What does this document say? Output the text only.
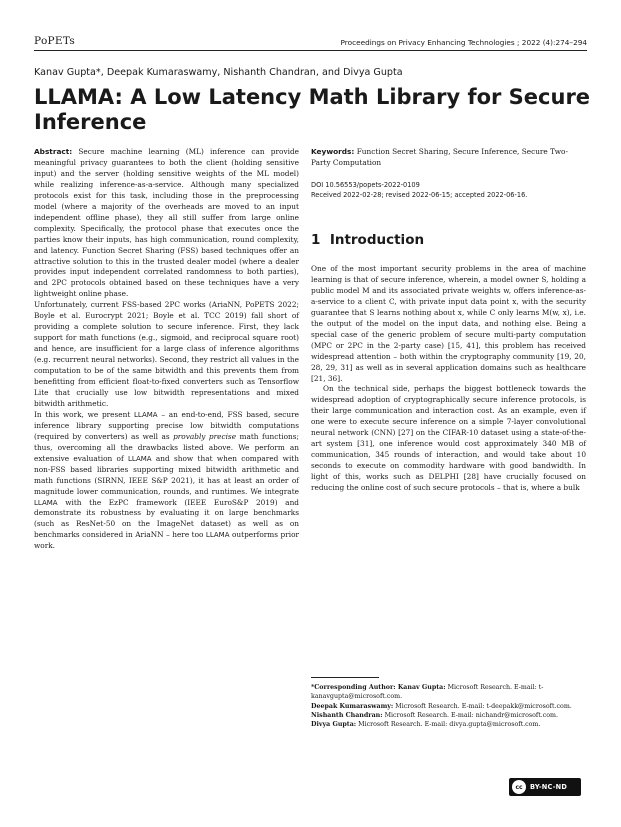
PoPETs	Proceedings on Privacy Enhancing Technologies ; 2022 (4):274–294
Kanav Gupta*, Deepak Kumaraswamy, Nishanth Chandran, and Divya Gupta
LLAMA: A Low Latency Math Library for Secure Inference

Abstract: Secure machine learning (ML) inference can provide meaningful privacy guarantees to both the client (holding sensitive input) and the server (holding sensitive weights of the ML model) while realizing inference-as-a-service. Although many specialized protocols exist for this task, including those in the preprocessing model (where a majority of the overheads are moved to an input independent offline phase), they all still suffer from large online complexity. Specifically, the protocol phase that executes once the parties know their inputs, has high communication, round complexity, and latency. Function Secret Sharing (FSS) based techniques offer an attractive solution to this in the trusted dealer model (where a dealer provides input independent correlated randomness to both parties), and 2PC protocols obtained based on these techniques have a very lightweight online phase.

Unfortunately, current FSS-based 2PC works (AriaNN, PoPETS 2022; Boyle et al. Eurocrypt 2021; Boyle et al. TCC 2019) fall short of providing a complete solution to secure inference. First, they lack support for math functions (e.g., sigmoid, and reciprocal square root) and hence, are insufficient for a large class of inference algorithms (e.g. recurrent neural networks). Second, they restrict all values in the computation to be of the same bitwidth and this prevents them from benefitting from efficient float-to-fixed converters such as Tensorflow Lite that crucially use low bitwidth representations and mixed bitwidth arithmetic.

In this work, we present LLAMA – an end-to-end, FSS based, secure inference library supporting precise low bitwidth computations (required by converters) as well as provably precise math functions; thus, overcoming all the drawbacks listed above. We perform an extensive evaluation of LLAMA and show that when compared with non-FSS based libraries supporting mixed bitwidth arithmetic and math functions (SIRNN, IEEE S&P 2021), it has at least an order of magnitude lower communication, rounds, and runtimes. We integrate LLAMA with the EzPC framework (IEEE EuroS&P 2019) and demonstrate its robustness by evaluating it on large benchmarks (such as ResNet-50 on the ImageNet dataset) as well as on benchmarks considered in AriaNN – here too LLAMA outperforms prior work.

Keywords: Function Secret Sharing, Secure Inference, Secure Two-Party Computation
DOI 10.56553/popets-2022-0109
Received 2022-02-28; revised 2022-06-15; accepted 2022-06-16.
1 Introduction

One of the most important security problems in the area of machine learning is that of secure inference, wherein, a model owner S, holding a public model M and its associated private weights w, offers inference-as-a-service to a client C, with private input data point x, with the security guarantee that S learns nothing about x, while C only learns M(w, x), i.e. the output of the model on the input data, and nothing else. Being a special case of the generic problem of secure multi-party computation (MPC or 2PC in the 2-party case) [15, 41], this problem has received widespread attention – both within the cryptography community [19, 20, 28, 29, 31] as well as in several application domains such as healthcare [21, 36].

On the technical side, perhaps the biggest bottleneck towards the widespread adoption of cryptographically secure inference protocols, is their large communication and interaction cost. As an example, even if one were to execute secure inference on a simple 7-layer convolutional neural network (CNN) [27] on the CIFAR-10 dataset using a state-of-the-art system [31], one inference would cost approximately 340 MB of communication, 345 rounds of interaction, and would take about 10 seconds to execute on commodity hardware with good bandwidth. In light of this, works such as DELPHI [28] have crucially focused on reducing the online cost of such secure protocols – that is, where a bulk

*Corresponding Author: Kanav Gupta: Microsoft Research. E-mail: t-kanavgupta@microsoft.com.

Deepak Kumaraswamy: Microsoft Research. E-mail: t-deepakk@microsoft.com.

Nishanth Chandran: Microsoft Research. E-mail: nichandr@microsoft.com.

Divya Gupta: Microsoft Research. E-mail: divya.gupta@microsoft.com.

cc	BY-NC-ND
